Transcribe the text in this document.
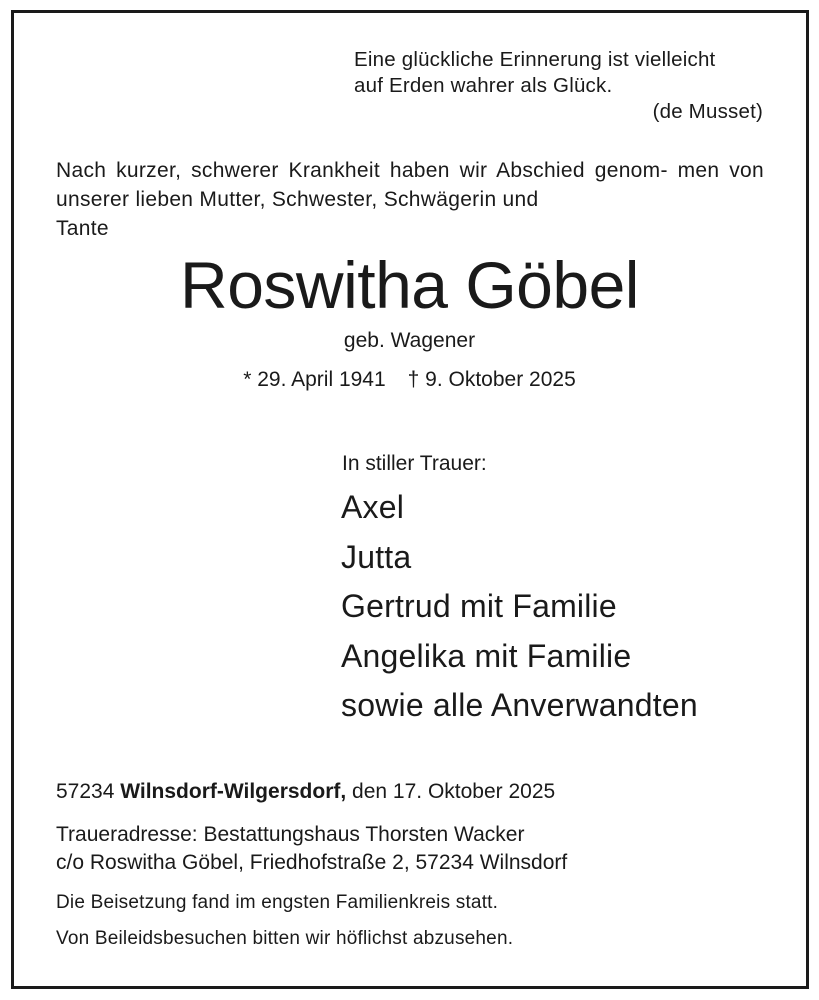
Eine glückliche Erinnerung ist vielleicht
auf Erden wahrer als Glück.
(de Musset)
Nach kurzer, schwerer Krankheit haben wir Abschied genom- men von unserer lieben Mutter, Schwester, Schwägerin und
Tante
Roswitha Göbel
geb. Wagener
* 29. April 1941 † 9. Oktober 2025
In stiller Trauer:
Axel
Jutta
Gertrud mit Familie
Angelika mit Familie
sowie alle Anverwandten
57234 Wilnsdorf-Wilgersdorf, den 17. Oktober 2025
Traueradresse: Bestattungshaus Thorsten Wacker
c/o Roswitha Göbel, Friedhofstraße 2, 57234 Wilnsdorf
Die Beisetzung fand im engsten Familienkreis statt.
Von Beileidsbesuchen bitten wir höflichst abzusehen.
